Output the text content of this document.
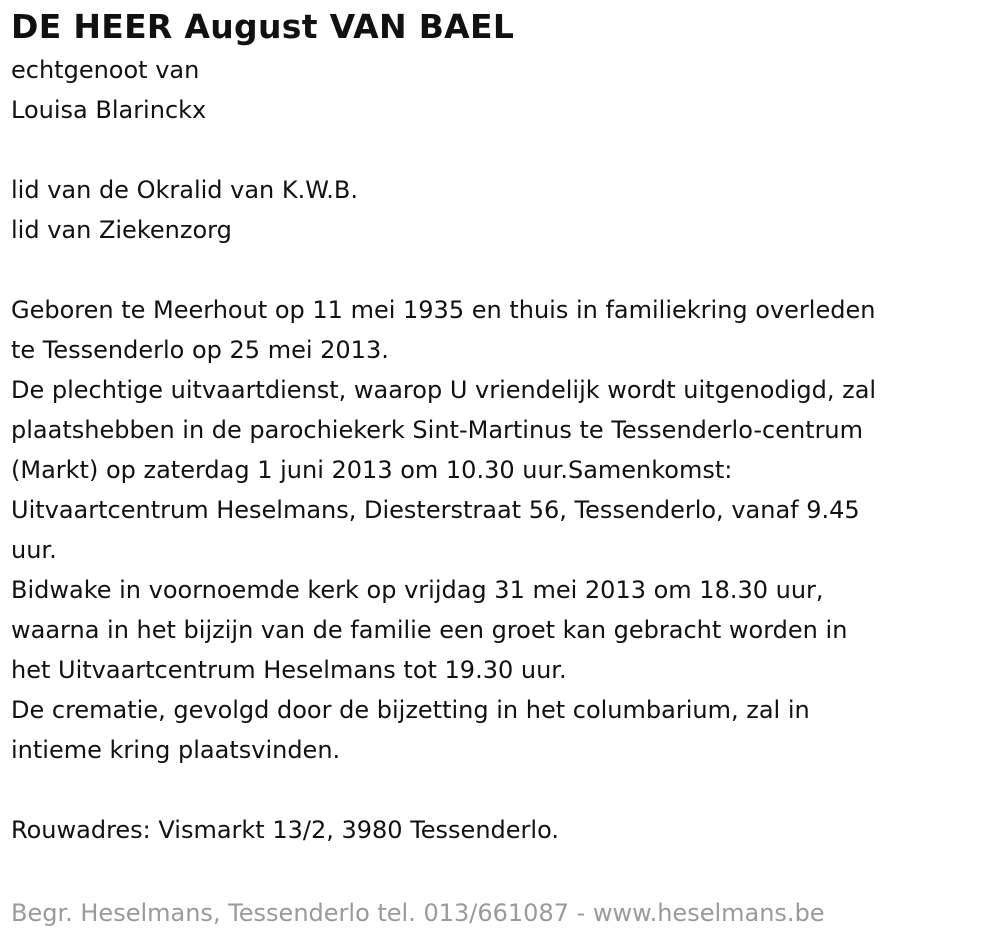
DE HEER August VAN BAEL
echtgenoot van
Louisa Blarinckx
lid van de Okralid van K.W.B.
lid van Ziekenzorg
Geboren te Meerhout op 11 mei 1935 en thuis in familiekring overleden
te Tessenderlo op 25 mei 2013.
De plechtige uitvaartdienst, waarop U vriendelijk wordt uitgenodigd, zal
plaatshebben in de parochiekerk Sint-Martinus te Tessenderlo-centrum
(Markt) op zaterdag 1 juni 2013 om 10.30 uur.Samenkomst:
Uitvaartcentrum Heselmans, Diesterstraat 56, Tessenderlo, vanaf 9.45
uur.
Bidwake in voornoemde kerk op vrijdag 31 mei 2013 om 18.30 uur,
waarna in het bijzijn van de familie een groet kan gebracht worden in
het Uitvaartcentrum Heselmans tot 19.30 uur.
De crematie, gevolgd door de bijzetting in het columbarium, zal in
intieme kring plaatsvinden.
Rouwadres: Vismarkt 13/2, 3980 Tessenderlo.
Begr. Heselmans, Tessenderlo tel. 013/661087 - www.heselmans.be
